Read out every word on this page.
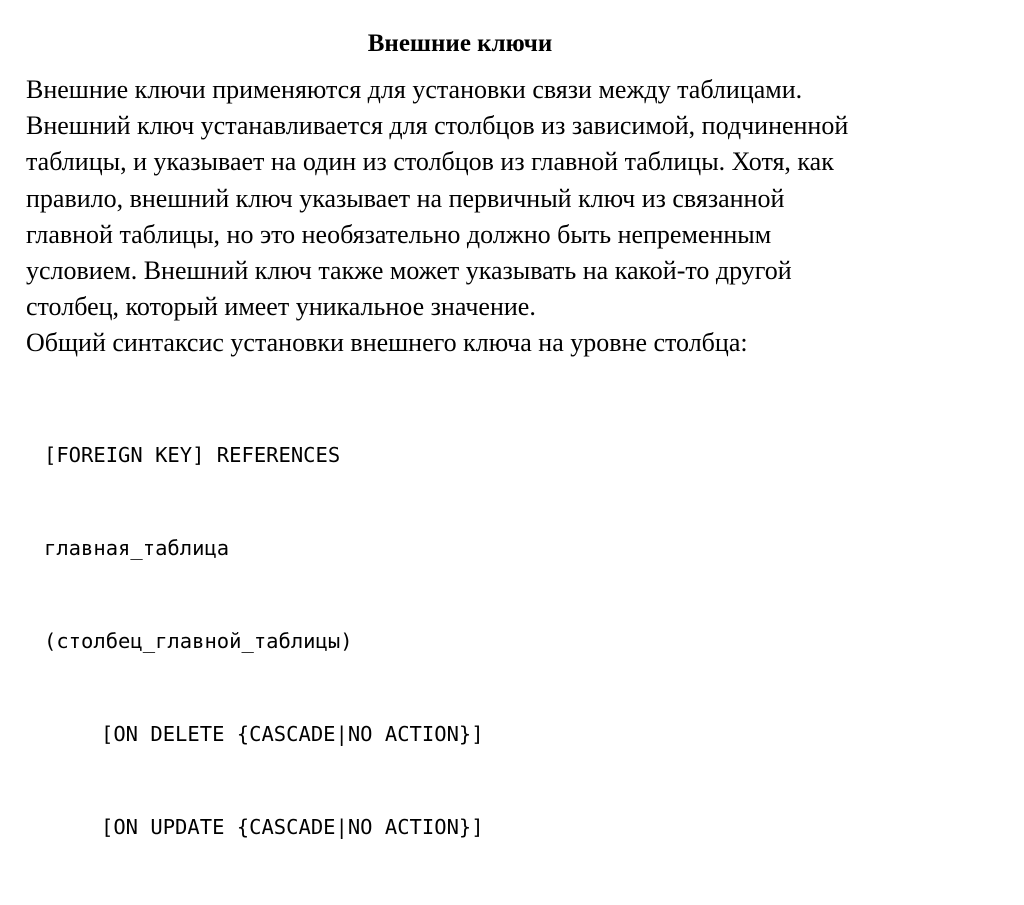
Внешние ключи
Внешние ключи применяются для установки связи между таблицами.
Внешний ключ устанавливается для столбцов из зависимой, подчиненной
таблицы, и указывает на один из столбцов из главной таблицы. Хотя, как
правило, внешний ключ указывает на первичный ключ из связанной
главной таблицы, но это необязательно должно быть непременным
условием. Внешний ключ также может указывать на какой-то другой
столбец, который имеет уникальное значение.
Общий синтаксис установки внешнего ключа на уровне столбца:

[FOREIGN KEY] REFERENCES

главная_таблица

(столбец_главной_таблицы)

[ON DELETE {CASCADE|NO ACTION}]

[ON UPDATE {CASCADE|NO ACTION}]
